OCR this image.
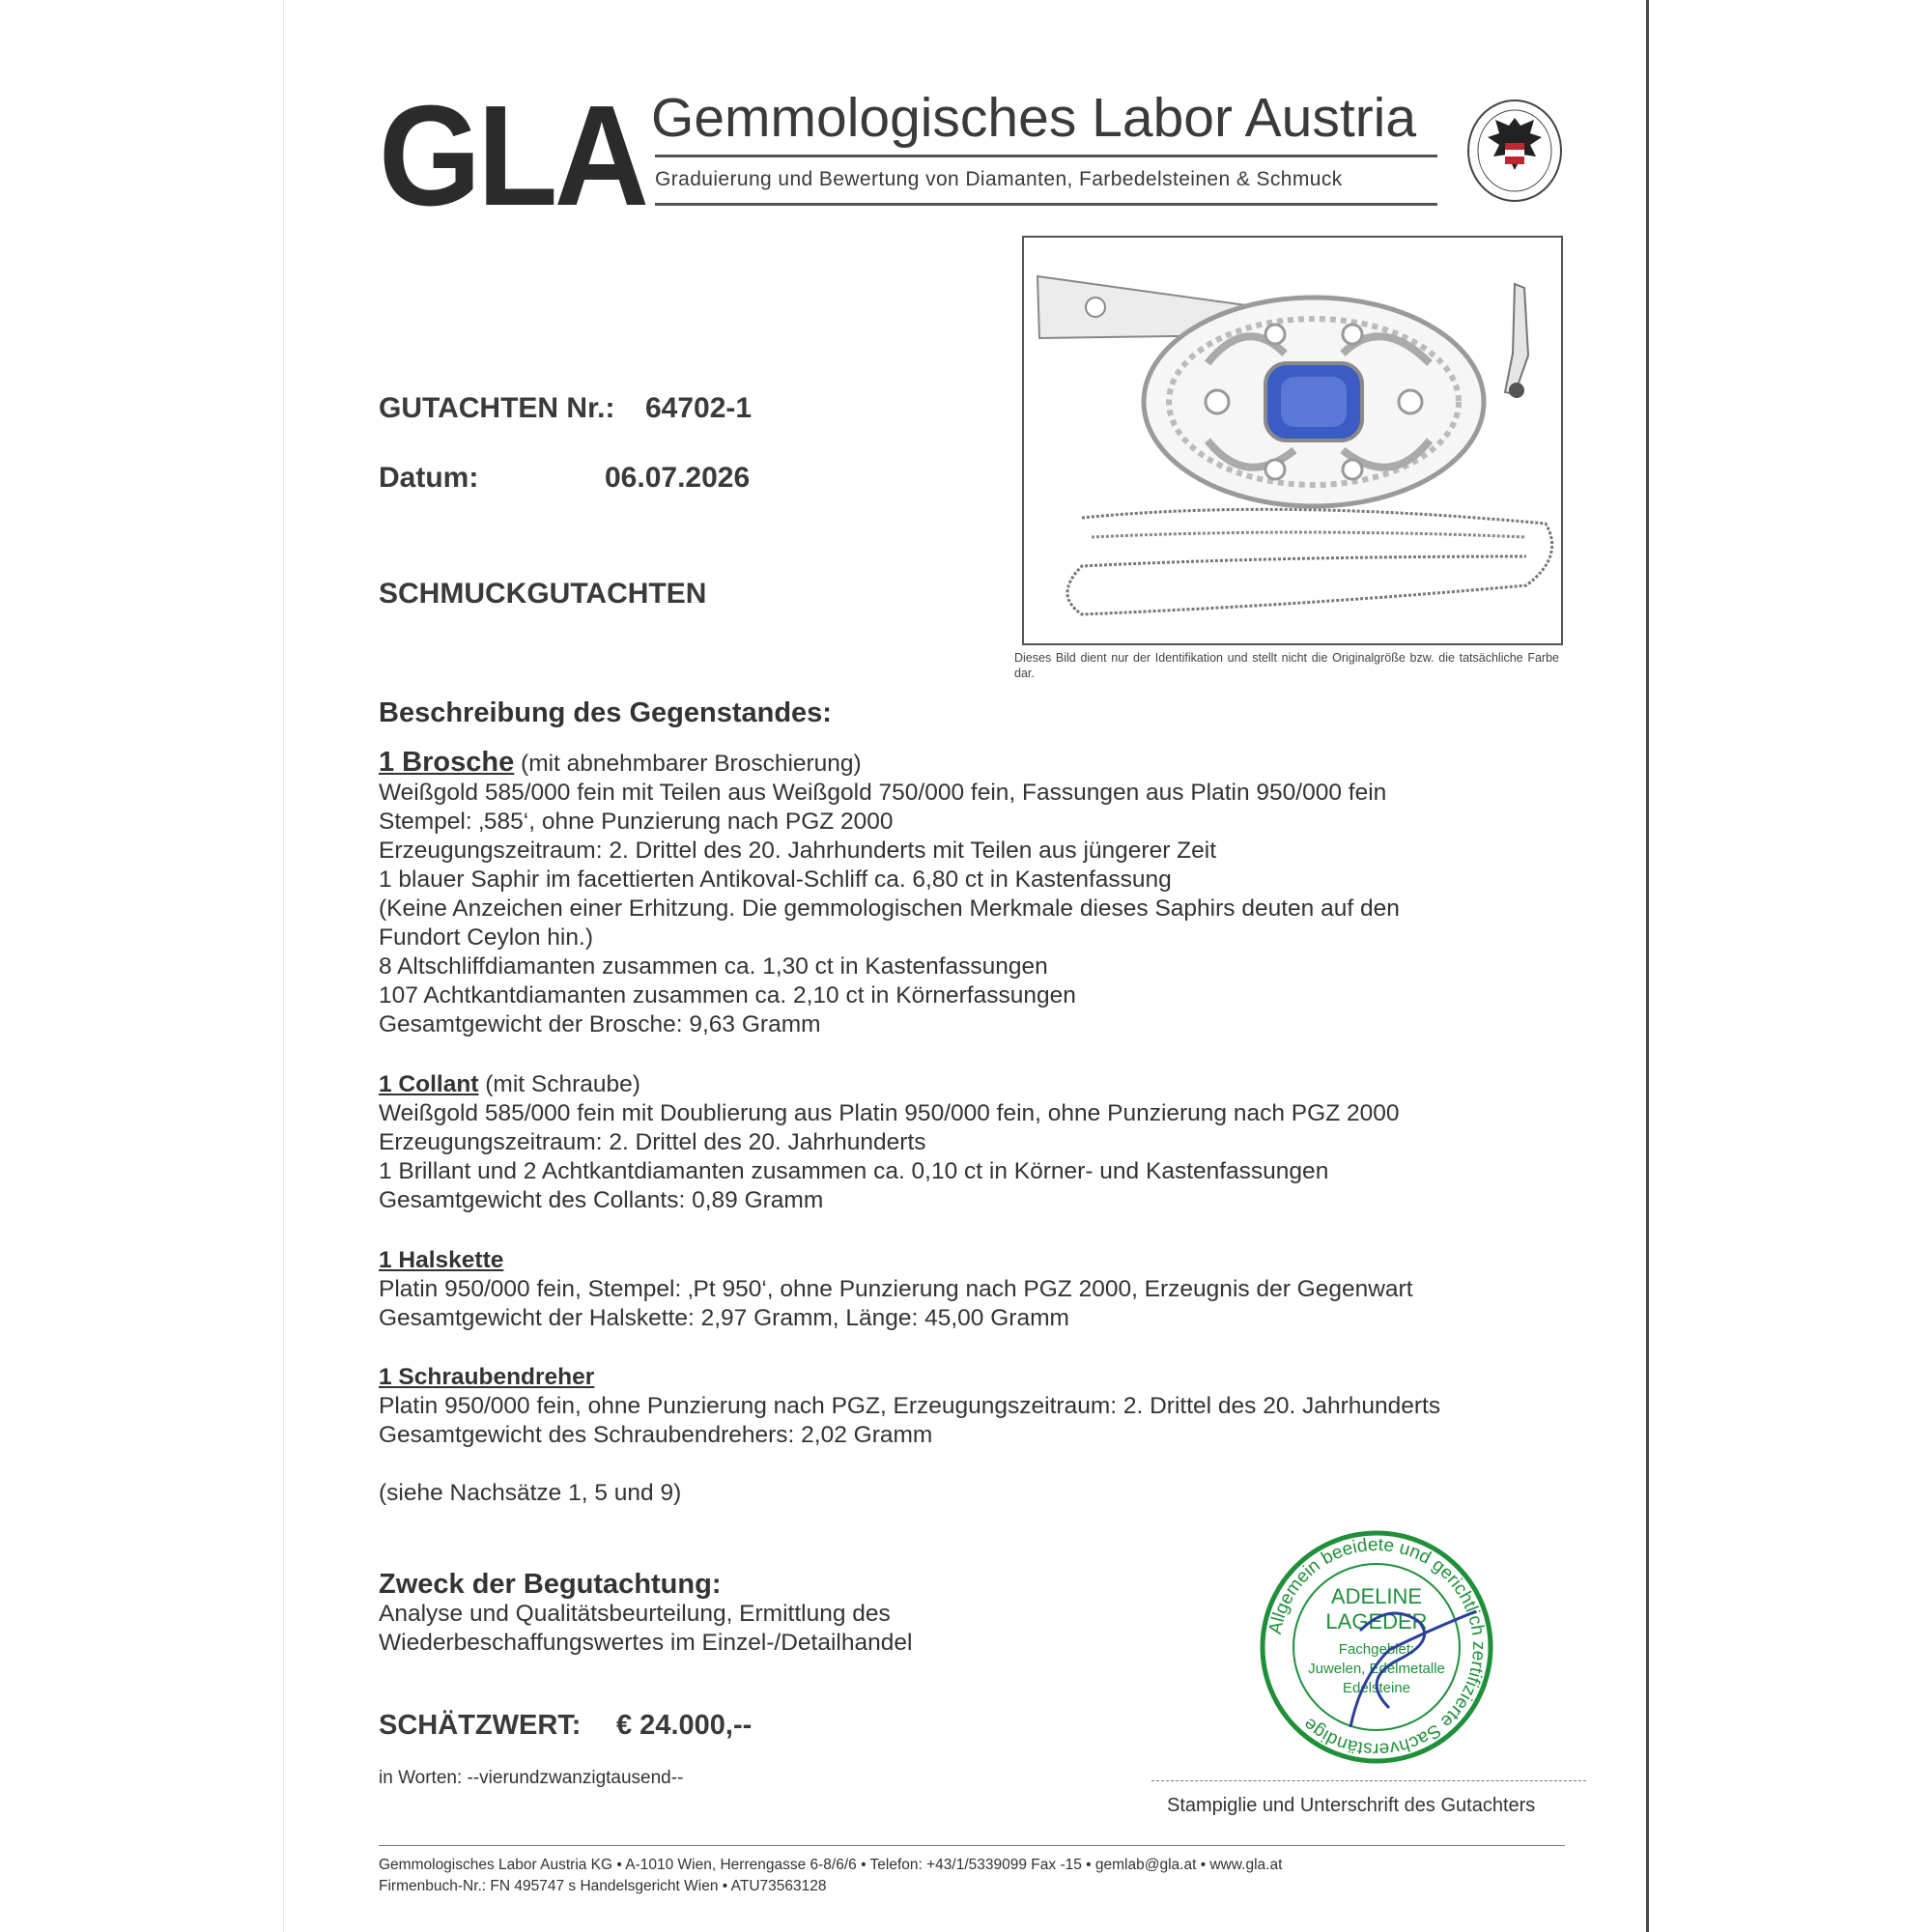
GLA Gemmologisches Labor Austria
Graduierung und Bewertung von Diamanten, Farbedelsteinen & Schmuck
GUTACHTEN Nr.: 64702-1
Datum:	06.07.2026
SCHMUCKGUTACHTEN
Dieses Bild dient nur der Identifikation und stellt nicht die Originalgröße bzw. die tatsächliche Farbe dar.
Beschreibung des Gegenstandes:
1 Brosche (mit abnehmbarer Broschierung)
Weißgold 585/000 fein mit Teilen aus Weißgold 750/000 fein, Fassungen aus Platin 950/000 fein
Stempel: ‚585‘, ohne Punzierung nach PGZ 2000
Erzeugungszeitraum: 2. Drittel des 20. Jahrhunderts mit Teilen aus jüngerer Zeit
1 blauer Saphir im facettierten Antikoval-Schliff ca. 6,80 ct in Kastenfassung
(Keine Anzeichen einer Erhitzung. Die gemmologischen Merkmale dieses Saphirs deuten auf den
Fundort Ceylon hin.)
8 Altschliffdiamanten zusammen ca. 1,30 ct in Kastenfassungen
107 Achtkantdiamanten zusammen ca. 2,10 ct in Körnerfassungen
Gesamtgewicht der Brosche: 9,63 Gramm
1 Collant (mit Schraube)
Weißgold 585/000 fein mit Doublierung aus Platin 950/000 fein, ohne Punzierung nach PGZ 2000
Erzeugungszeitraum: 2. Drittel des 20. Jahrhunderts
1 Brillant und 2 Achtkantdiamanten zusammen ca. 0,10 ct in Körner- und Kastenfassungen
Gesamtgewicht des Collants: 0,89 Gramm
1 Halskette
Platin 950/000 fein, Stempel: ‚Pt 950‘, ohne Punzierung nach PGZ 2000, Erzeugnis der Gegenwart
Gesamtgewicht der Halskette: 2,97 Gramm, Länge: 45,00 Gramm
1 Schraubendreher
Platin 950/000 fein, ohne Punzierung nach PGZ, Erzeugungszeitraum: 2. Drittel des 20. Jahrhunderts
Gesamtgewicht des Schraubendrehers: 2,02 Gramm
(siehe Nachsätze 1, 5 und 9)
Zweck der Begutachtung:
Analyse und Qualitätsbeurteilung, Ermittlung des
Wiederbeschaffungswertes im Einzel-/Detailhandel
SCHÄTZWERT: € 24.000,--
in Worten: --vierundzwanzigtausend--
Allgemein beeidete und gerichtlich zertifizierte Sachverständige
ADELINE
LAGEDER
Fachgebiet:
Juwelen, Edelmetalle
Edelsteine
Stampiglie und Unterschrift des Gutachters
Gemmologisches Labor Austria KG • A-1010 Wien, Herrengasse 6-8/6/6 • Telefon: +43/1/5339099 Fax -15 • gemlab@gla.at • www.gla.at
Firmenbuch-Nr.: FN 495747 s Handelsgericht Wien • ATU73563128
